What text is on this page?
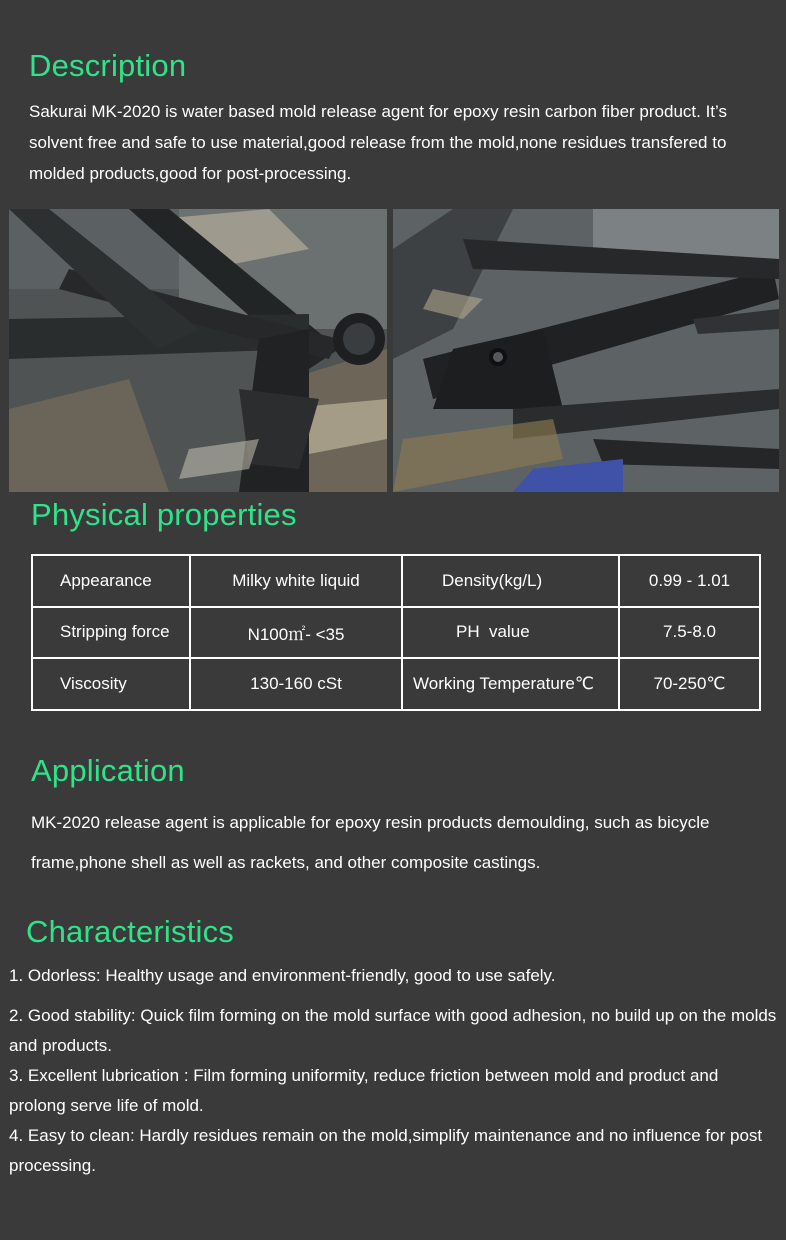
Description

Sakurai MK-2020 is water based mold release agent for epoxy resin carbon fiber product. It’s solvent free and safe to use material,good release from the mold,none residues transfered to molded products,good for post-processing.

Physical properties
Appearance	Milky white liquid	Density(kg/L)	0.99 - 1.01
Stripping force	N100㎡- <35	PH  value	7.5-8.0
Viscosity	130-160 cSt	Working Temperature℃	70-250℃
Application

MK-2020 release agent is applicable for epoxy resin products demoulding, such as bicycle frame,phone shell as well as rackets, and other composite castings.

Characteristics
1. Odorless: Healthy usage and environment-friendly, good to use safely.
2. Good stability: Quick film forming on the mold surface with good adhesion, no build up on the molds and products.
3. Excellent lubrication : Film forming uniformity, reduce friction between mold and product and prolong serve life of mold.
4. Easy to clean: Hardly residues remain on the mold,simplify maintenance and no influence for post processing.
